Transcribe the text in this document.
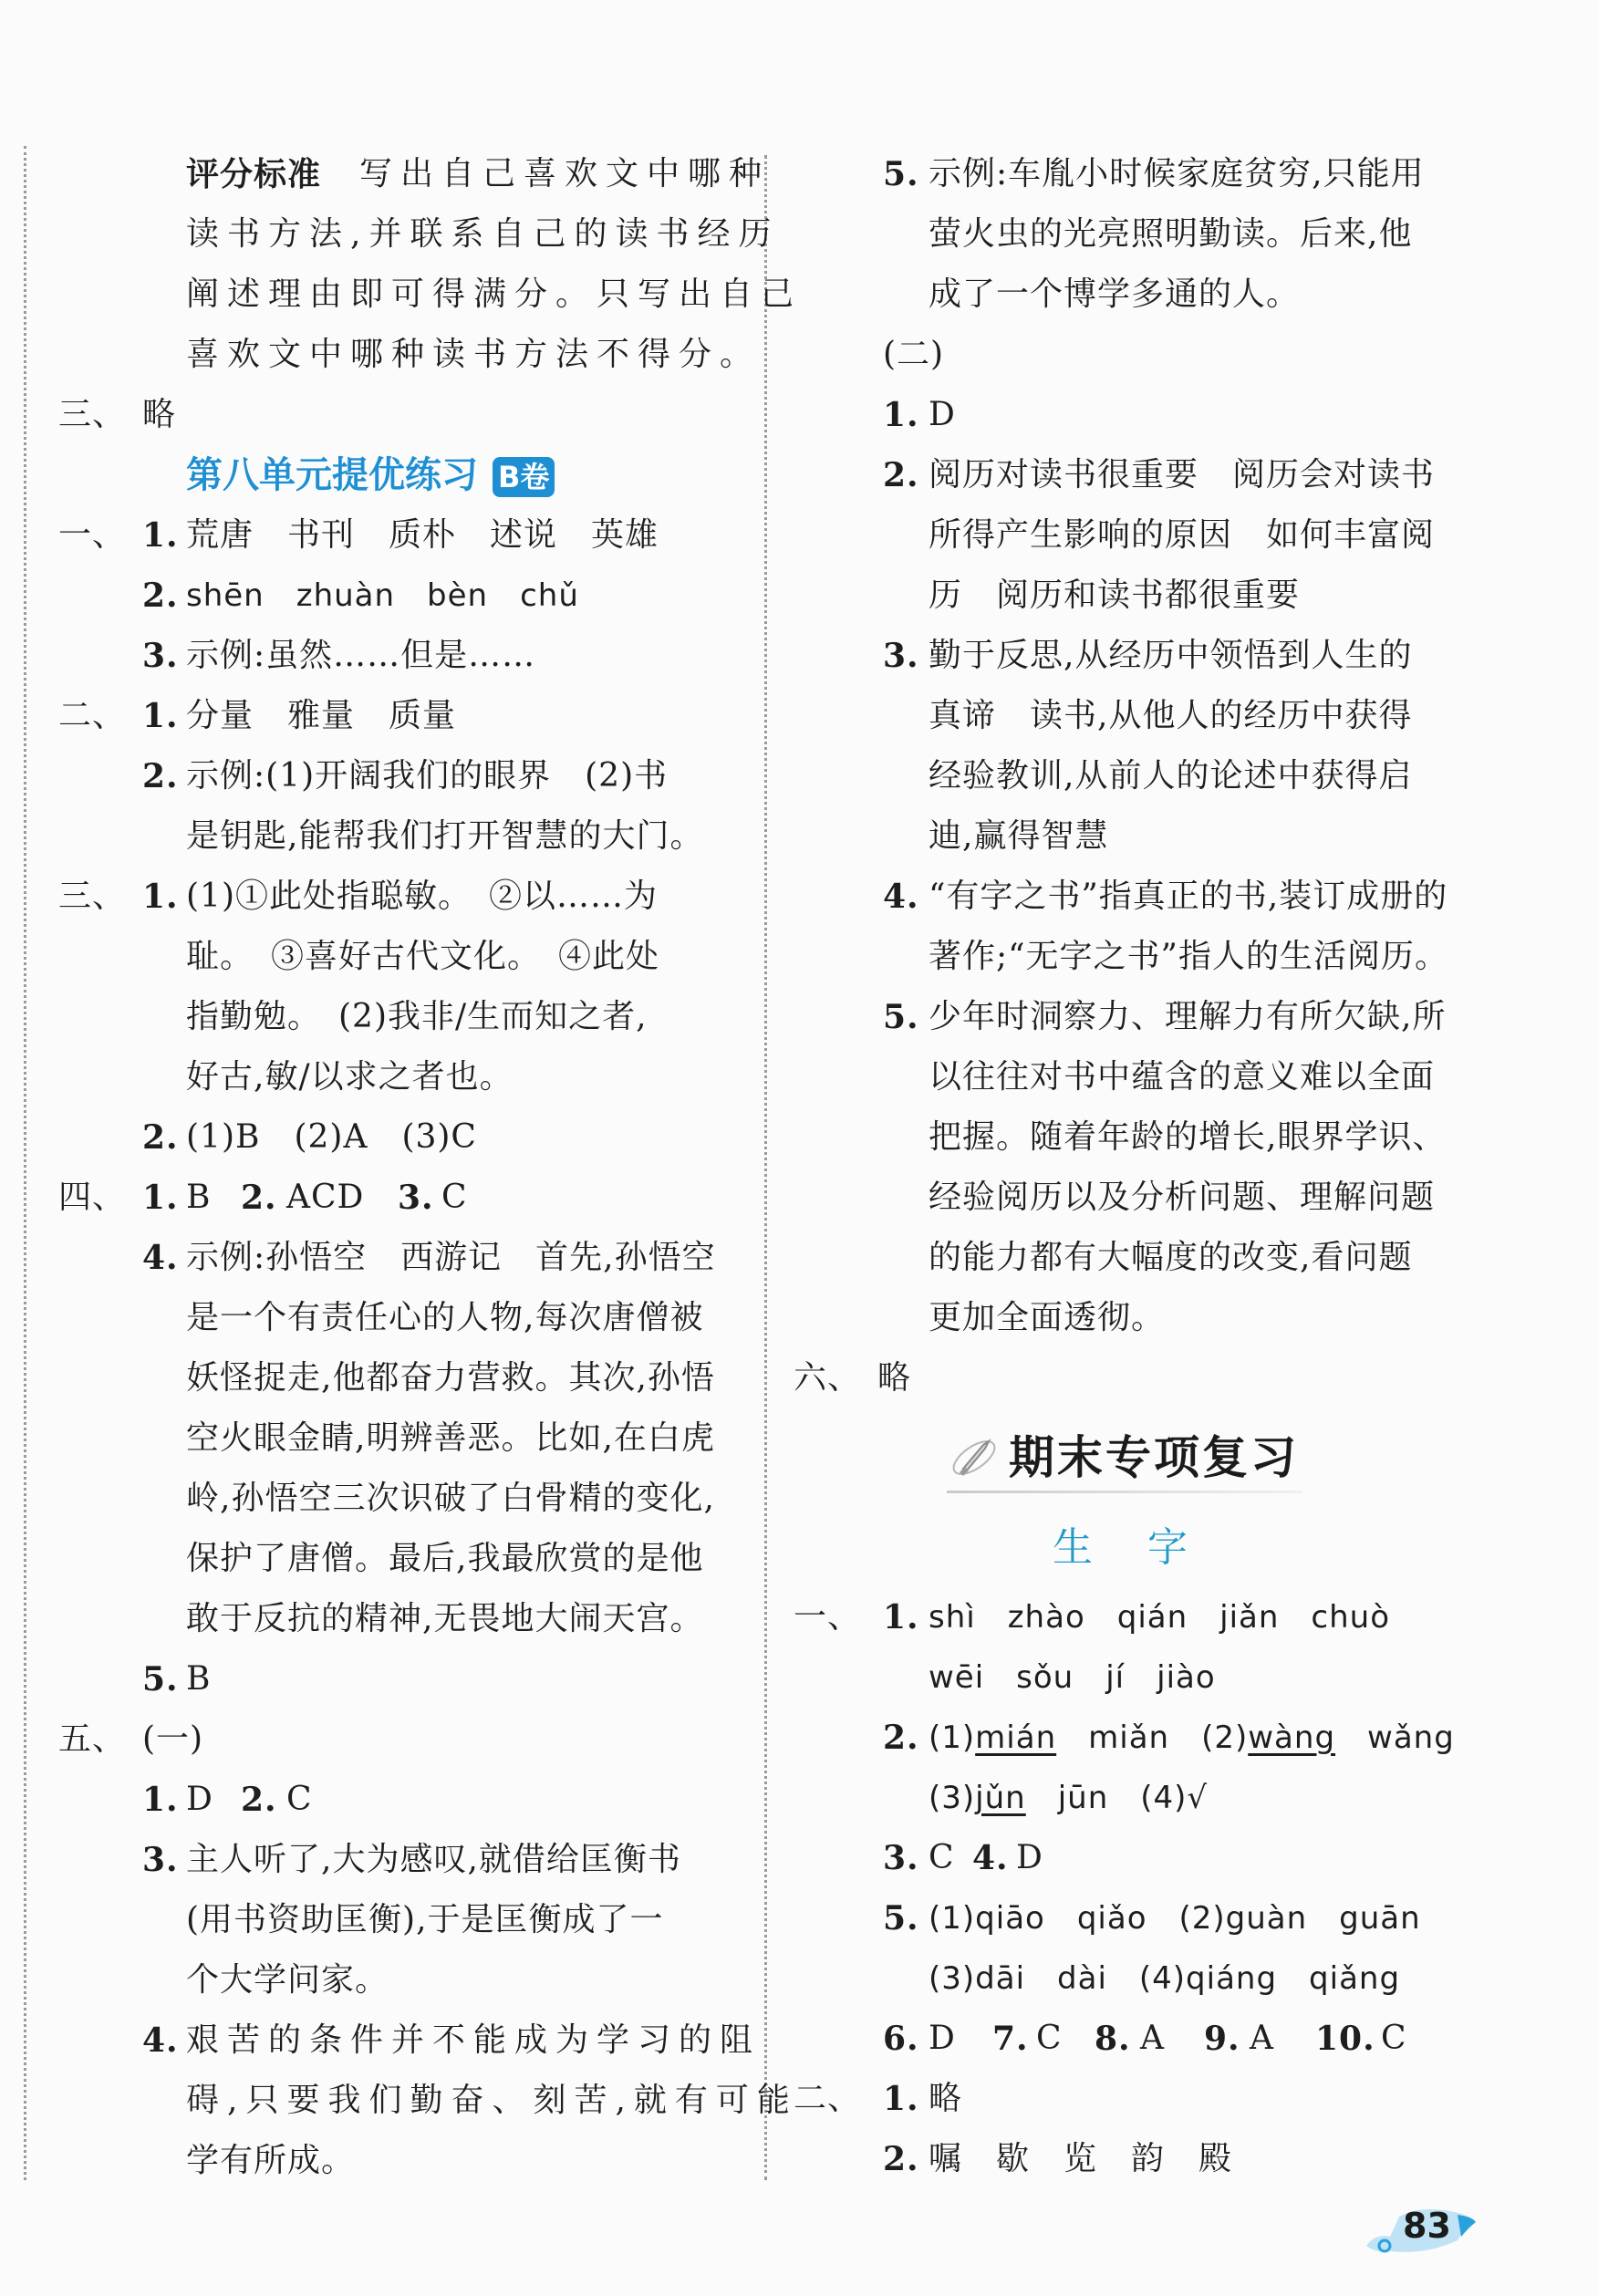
评分标准 写出自己喜欢文中哪种
读书方法,并联系自己的读书经历
阐述理由即可得满分。只写出自己
喜欢文中哪种读书方法不得分。
三、 略
第八单元提优练习 B卷
一、 1. 荒唐　书刊　质朴　述说　英雄
2. shēn　zhuàn　bèn　chǔ
3. 示例:虽然……但是……
二、 1. 分量　雅量　质量
2. 示例:(1)开阔我们的眼界　(2)书
是钥匙,能帮我们打开智慧的大门。
三、 1. (1)①此处指聪敏。　②以……为
耻。　③喜好古代文化。　④此处
指勤勉。　(2)我非/生而知之者,
好古,敏/以求之者也。
2. (1)B　(2)A　(3)C
四、 1. B 2. ACD 3. C
4. 示例:孙悟空　西游记　首先,孙悟空
是一个有责任心的人物,每次唐僧被
妖怪捉走,他都奋力营救。其次,孙悟
空火眼金睛,明辨善恶。比如,在白虎
岭,孙悟空三次识破了白骨精的变化,
保护了唐僧。最后,我最欣赏的是他
敢于反抗的精神,无畏地大闹天宫。
5. B
五、 (一)
1. D 2. C
3. 主人听了,大为感叹,就借给匡衡书
(用书资助匡衡),于是匡衡成了一
个大学问家。
4. 艰苦的条件并不能成为学习的阻
碍,只要我们勤奋、刻苦,就有可能
学有所成。
5. 示例:车胤小时候家庭贫穷,只能用
萤火虫的光亮照明勤读。后来,他
成了一个博学多通的人。
(二)
1. D
2. 阅历对读书很重要　阅历会对读书
所得产生影响的原因　如何丰富阅
历　阅历和读书都很重要
3. 勤于反思,从经历中领悟到人生的
真谛　读书,从他人的经历中获得
经验教训,从前人的论述中获得启
迪,赢得智慧
4. “有字之书”指真正的书,装订成册的
著作;“无字之书”指人的生活阅历。
5. 少年时洞察力、理解力有所欠缺,所
以往往对书中蕴含的意义难以全面
把握。随着年龄的增长,眼界学识、
经验阅历以及分析问题、理解问题
的能力都有大幅度的改变,看问题
更加全面透彻。
六、 略
期末专项复习
生字
一、 1. shì　zhào　qián　jiǎn　chuò
wēi　sǒu　jí　jiào
2. (1)mián　 miǎn　(2)wàng　 wǎng
(3)jǔn　 jūn　(4)√
3. C 4. D
5. (1)qiāo　qiǎo　(2)guàn　guān
(3)dāi　dài　(4)qiáng　qiǎng
6. D 7. C 8. A 9. A 10. C
二、 1. 略
2. 嘱　歇　览　韵　殿
83
